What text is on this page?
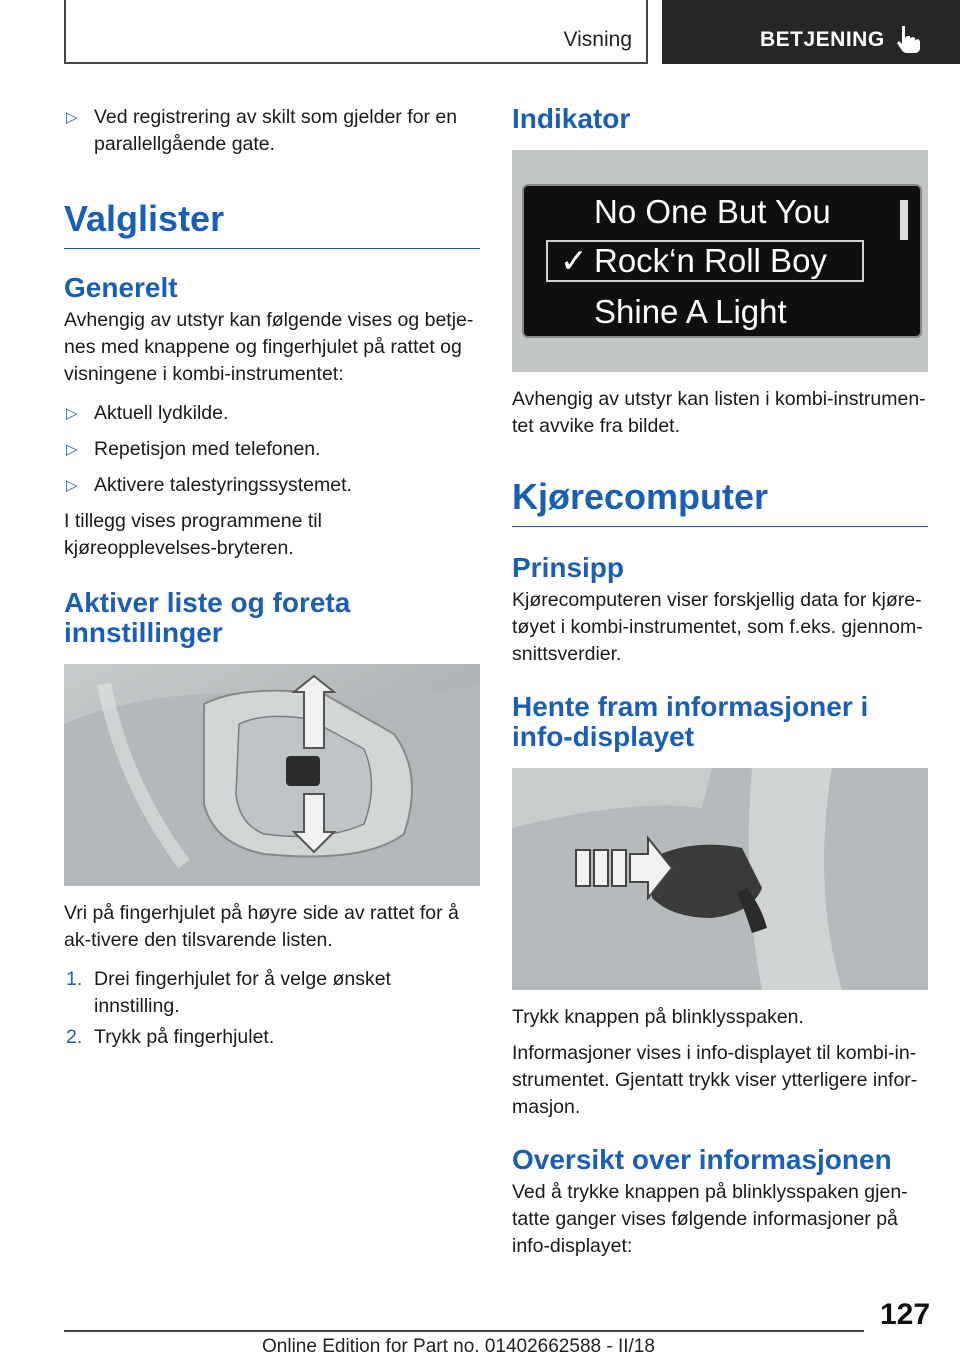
Visning	BETJENING
▷ Ved registrering av skilt som gjelder for en parallellgående gate.
Valglister
Generelt

Avhengig av utstyr kan følgende vises og betje-nes med knappene og fingerhjulet på rattet og visningene i kombi-instrumentet:

▷ Aktuell lydkilde.
▷ Repetisjon med telefonen.
▷ Aktivere talestyringssystemet.

I tillegg vises programmene til kjøreopplevelses-bryteren.

Aktiver liste og foreta innstillinger

Vri på fingerhjulet på høyre side av rattet for å ak-tivere den tilsvarende listen.

1. Drei fingerhjulet for å velge ønsket innstilling.
2. Trykk på fingerhjulet.
Indikator
No One But You
✓ Rock‘n Roll Boy
Shine A Light

Avhengig av utstyr kan listen i kombi-instrumen-tet avvike fra bildet.

Kjørecomputer
Prinsipp

Kjørecomputeren viser forskjellig data for kjøre-tøyet i kombi-instrumentet, som f.eks. gjennom-snittsverdier.

Hente fram informasjoner i info-displayet

Trykk knappen på blinklysspaken.

Informasjoner vises i info-displayet til kombi-in-strumentet. Gjentatt trykk viser ytterligere infor-masjon.

Oversikt over informasjonen

Ved å trykke knappen på blinklysspaken gjen-tatte ganger vises følgende informasjoner på info-displayet:

127
Online Edition for Part no. 01402662588 - II/18
